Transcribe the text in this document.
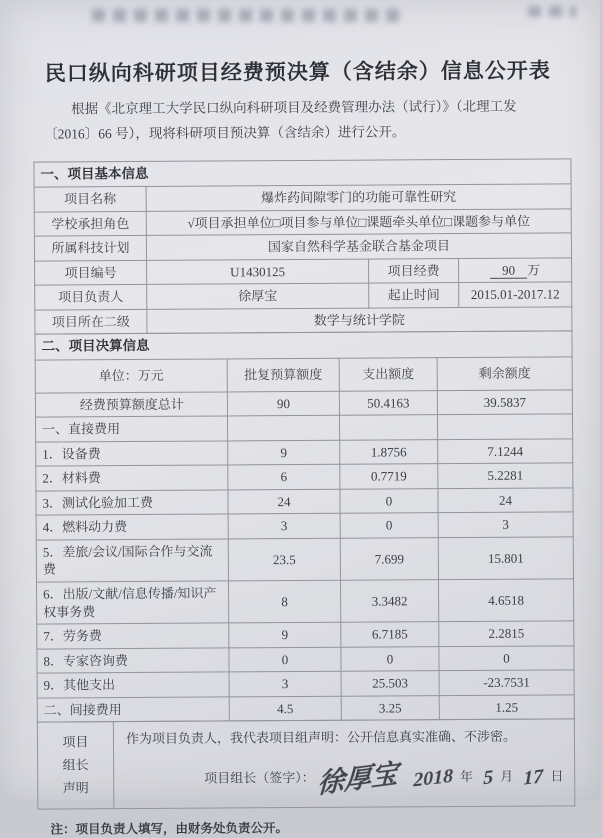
民口纵向科研项目经费预决算（含结余）信息公开表
根据《北京理工大学民口纵向科研项目及经费管理办法（试行）》（北理工发
〔2016〕66 号），现将科研项目预决算（含结余）进行公开。
一、项目基本信息			
项目名称	爆炸药间隙零门的功能可靠性研究		
学校承担角色	√项目承担单位□项目参与单位□课题牵头单位□课题参与单位		
所属科技计划	国家自然科学基金联合基金项目		
项目编号	U1430125	项目经费	90 万
项目负责人	徐厚宝	起止时间	2015.01-2017.12
项目所在二级	数学与统计学院		
二、项目决算信息			
单位：万元	批复预算额度	支出额度	剩余额度
经费预算额度总计	90	50.4163	39.5837
一、直接费用			
1．设备费	9	1.8756	7.1244
2．材料费	6	0.7719	5.2281
3．测试化验加工费	24	0	24
4．燃料动力费	3	0	3
5．差旅/会议/国际合作与交流费	23.5	7.699	15.801
6．出版/文献/信息传播/知识产权事务费	8	3.3482	4.6518
7．劳务费	9	6.7185	2.2815
8．专家咨询费	0	0	0
9．其他支出	3	25.503	-23.7531
二、间接费用	4.5	3.25	1.25
项目
组长
声明

作为项目负责人，我代表项目组声明：公开信息真实准确、不涉密。
项目组长（签字）：徐厚宝 2018 年 5 月 17 日
注：项目负责人填写，由财务处负责公开。
